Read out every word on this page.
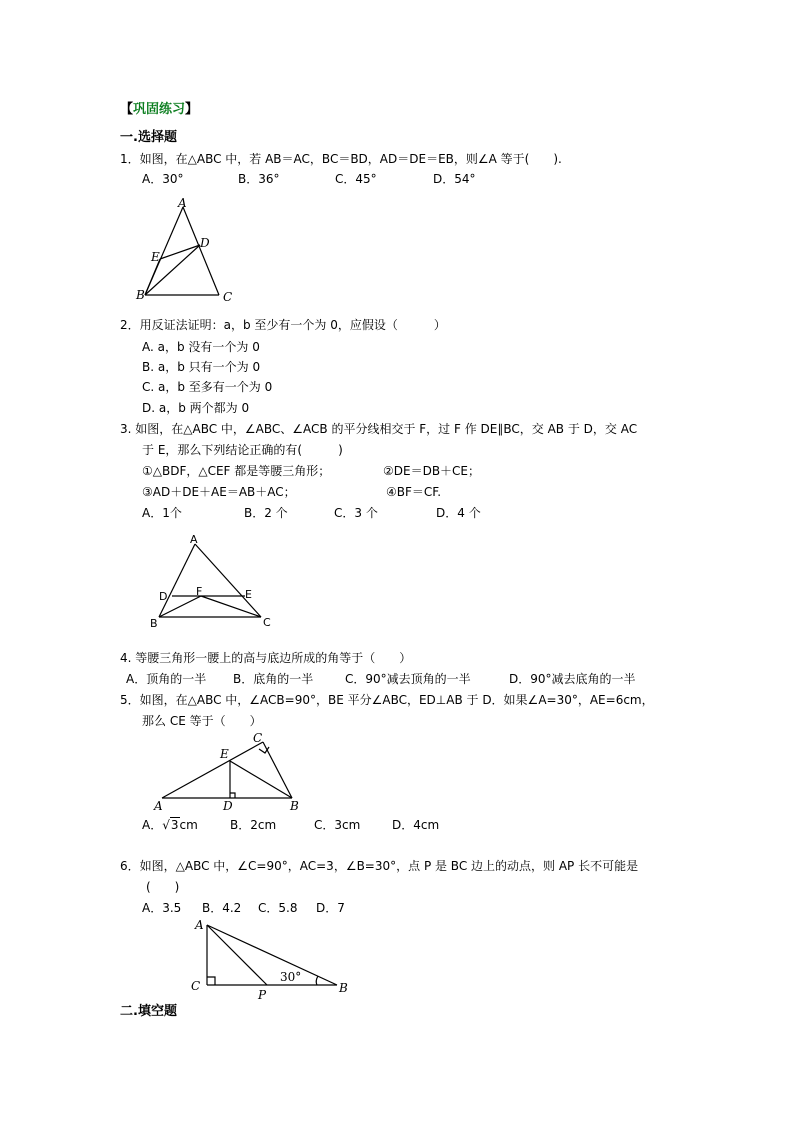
【巩固练习】
一.选择题
1．如图，在△ABC 中，若 AB＝AC，BC＝BD，AD＝DE＝EB，则∠A 等于(　　).
A．30°	B．36°	C．45°	D．54°
A
B	C
D
E
2．用反证法证明：a，b 至少有一个为 0，应假设（　　　）
A. a，b 没有一个为 0
B. a，b 只有一个为 0
C. a，b 至多有一个为 0
D. a，b 两个都为 0
3. 如图，在△ABC 中，∠ABC、∠ACB 的平分线相交于 F，过 F 作 DE∥BC，交 AB 于 D，交 AC
于 E，那么下列结论正确的有(　　　)
①△BDF，△CEF 都是等腰三角形；	②DE＝DB＋CE；
③AD＋DE＋AE＝AB＋AC；	④BF＝CF.
A．1个	B．2 个	C．3 个	D．4 个
A
B	C
D	E
F
4. 等腰三角形一腰上的高与底边所成的角等于（　　）
A．顶角的一半 B．底角的一半	C．90°减去顶角的一半	D．90°减去底角的一半
5．如图，在△ABC 中，∠ACB=90°，BE 平分∠ABC，ED⊥AB 于 D．如果∠A=30°，AE=6cm，
那么 CE 等于（　　）
A	B
C
D
E
A．√3cm	B．2cm	C．3cm	D．4cm
6．如图，△ABC 中，∠C=90°，AC=3，∠B=30°，点 P 是 BC 边上的动点，则 AP 长不可能是
(　　)
A．3.5 B．4.2 C．5.8 D．7
A
B
C
P
30°
二.填空题
